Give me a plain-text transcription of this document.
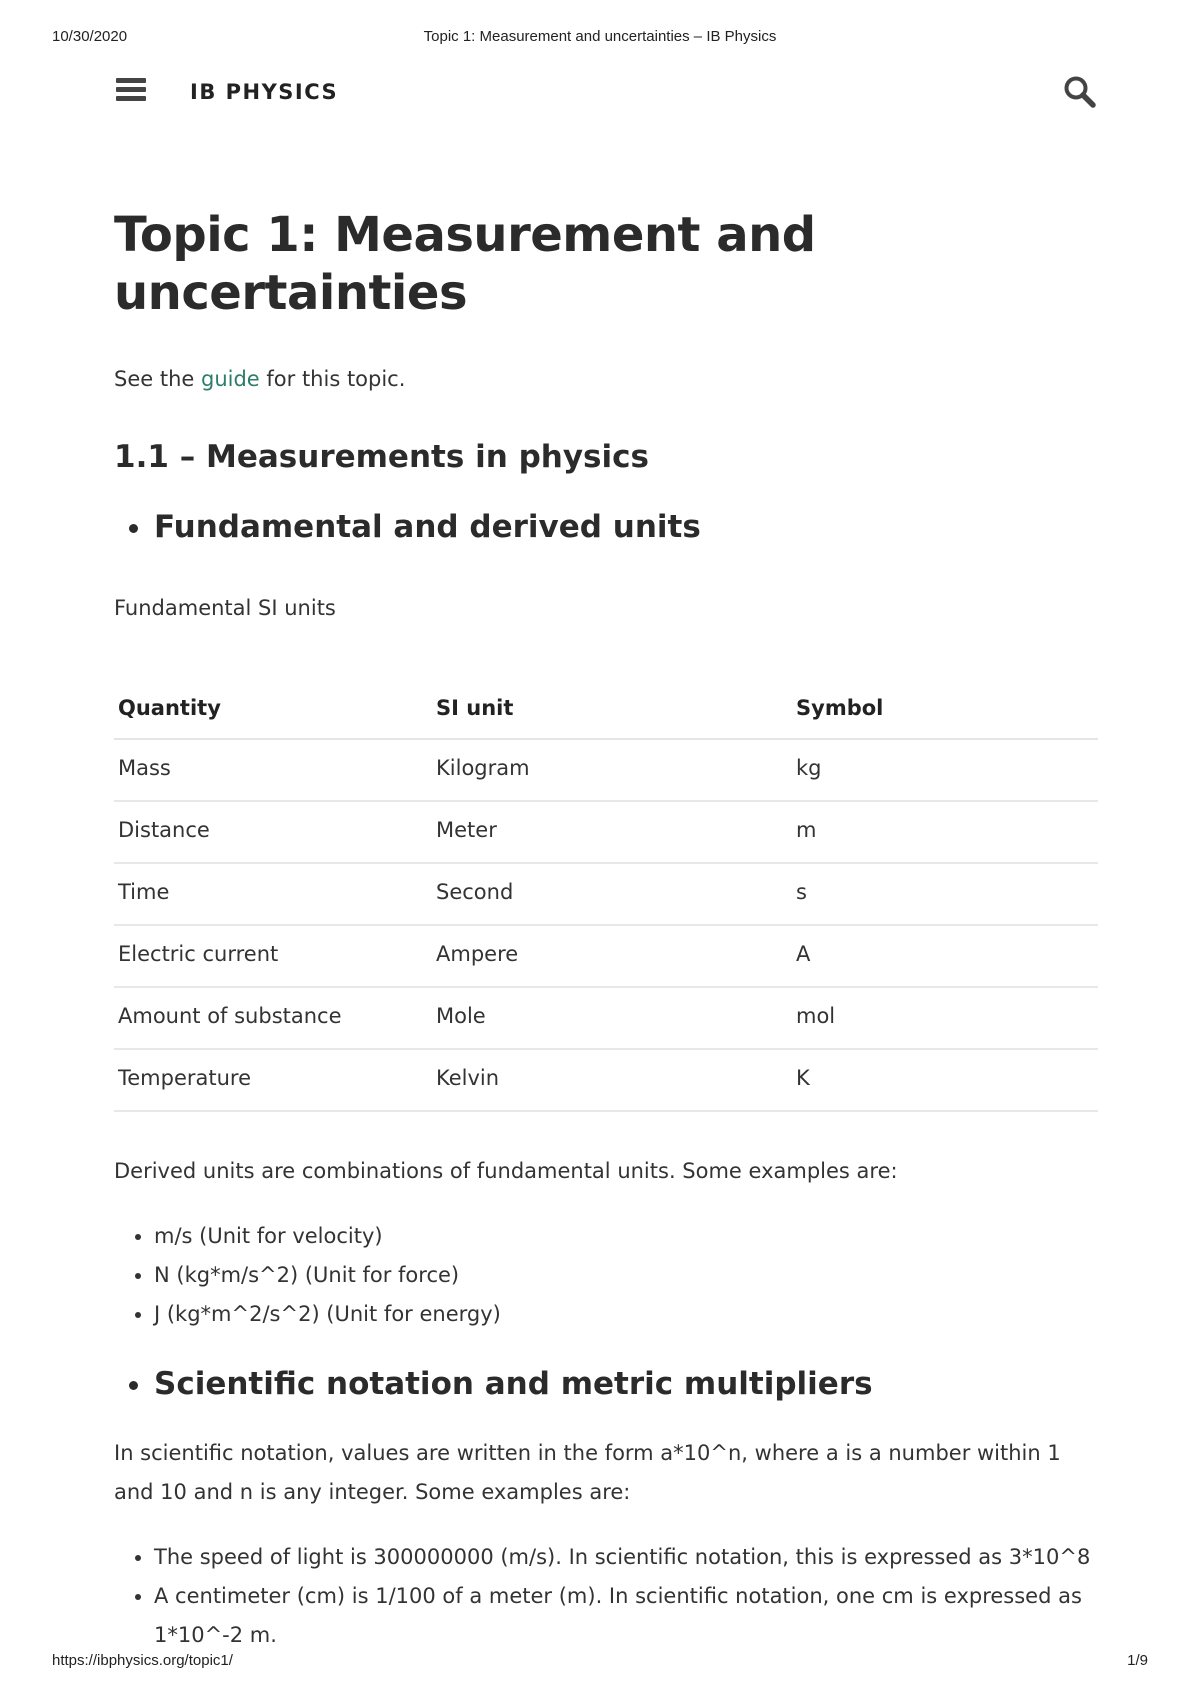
10/30/2020	Topic 1: Measurement and uncertainties – IB Physics
IB PHYSICS
Topic 1: Measurement and uncertainties

See the guide for this topic.

1.1 – Measurements in physics
• Fundamental and derived units

Fundamental SI units

Quantity	SI unit	Symbol
Mass	Kilogram	kg
Distance	Meter	m
Time	Second	s
Electric current	Ampere	A
Amount of substance	Mole	mol
Temperature	Kelvin	K

Derived units are combinations of fundamental units. Some examples are:

• m/s (Unit for velocity)
• N (kg*m/s^2) (Unit for force)
• J (kg*m^2/s^2) (Unit for energy)
• Scientific notation and metric multipliers

In scientific notation, values are written in the form a*10^n, where a is a number within 1 and 10 and n is any integer. Some examples are:

• The speed of light is 300000000 (m/s). In scientific notation, this is expressed as 3*10^8
• A centimeter (cm) is 1/100 of a meter (m). In scientific notation, one cm is expressed as 1*10^-2 m.
https://ibphysics.org/topic1/	1/9
